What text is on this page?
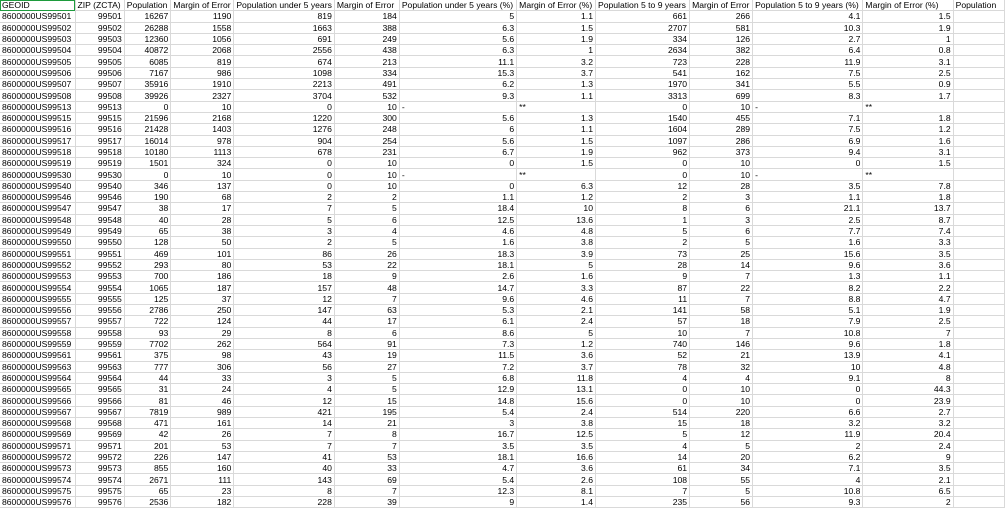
GEOID	ZIP (ZCTA)	Population	Margin of Error	Population under 5 years	Margin of Error	Population under 5 years (%)	Margin of Error (%)	Population 5 to 9 years	Margin of Error	Population 5 to 9 years (%)	Margin of Error (%)	Population
8600000US99501	99501	16267	1190	819	184	5	1.1	661	266	4.1	1.5	
8600000US99502	99502	26288	1558	1663	388	6.3	1.5	2707	581	10.3	1.9	
8600000US99503	99503	12360	1056	691	249	5.6	1.9	334	126	2.7	1	
8600000US99504	99504	40872	2068	2556	438	6.3	1	2634	382	6.4	0.8	
8600000US99505	99505	6085	819	674	213	11.1	3.2	723	228	11.9	3.1	
8600000US99506	99506	7167	986	1098	334	15.3	3.7	541	162	7.5	2.5	
8600000US99507	99507	35916	1910	2213	491	6.2	1.3	1970	341	5.5	0.9	
8600000US99508	99508	39926	2327	3704	532	9.3	1.1	3313	699	8.3	1.7	
8600000US99513	99513	0	10	0	10	-	**	0	10	-	**	
8600000US99515	99515	21596	2168	1220	300	5.6	1.3	1540	455	7.1	1.8	
8600000US99516	99516	21428	1403	1276	248	6	1.1	1604	289	7.5	1.2	
8600000US99517	99517	16014	978	904	254	5.6	1.5	1097	286	6.9	1.6	
8600000US99518	99518	10180	1113	678	231	6.7	1.9	962	373	9.4	3.1	
8600000US99519	99519	1501	324	0	10	0	1.5	0	10	0	1.5	
8600000US99530	99530	0	10	0	10	-	**	0	10	-	**	
8600000US99540	99540	346	137	0	10	0	6.3	12	28	3.5	7.8	
8600000US99546	99546	190	68	2	2	1.1	1.2	2	3	1.1	1.8	
8600000US99547	99547	38	17	7	5	18.4	10	8	6	21.1	13.7	
8600000US99548	99548	40	28	5	6	12.5	13.6	1	3	2.5	8.7	
8600000US99549	99549	65	38	3	4	4.6	4.8	5	6	7.7	7.4	
8600000US99550	99550	128	50	2	5	1.6	3.8	2	5	1.6	3.3	
8600000US99551	99551	469	101	86	26	18.3	3.9	73	25	15.6	3.5	
8600000US99552	99552	293	80	53	22	18.1	5	28	14	9.6	3.6	
8600000US99553	99553	700	186	18	9	2.6	1.6	9	7	1.3	1.1	
8600000US99554	99554	1065	187	157	48	14.7	3.3	87	22	8.2	2.2	
8600000US99555	99555	125	37	12	7	9.6	4.6	11	7	8.8	4.7	
8600000US99556	99556	2786	250	147	63	5.3	2.1	141	58	5.1	1.9	
8600000US99557	99557	722	124	44	17	6.1	2.4	57	18	7.9	2.5	
8600000US99558	99558	93	29	8	6	8.6	5	10	7	10.8	7	
8600000US99559	99559	7702	262	564	91	7.3	1.2	740	146	9.6	1.8	
8600000US99561	99561	375	98	43	19	11.5	3.6	52	21	13.9	4.1	
8600000US99563	99563	777	306	56	27	7.2	3.7	78	32	10	4.8	
8600000US99564	99564	44	33	3	5	6.8	11.8	4	4	9.1	8	
8600000US99565	99565	31	24	4	5	12.9	13.1	0	10	0	44.3	
8600000US99566	99566	81	46	12	15	14.8	15.6	0	10	0	23.9	
8600000US99567	99567	7819	989	421	195	5.4	2.4	514	220	6.6	2.7	
8600000US99568	99568	471	161	14	21	3	3.8	15	18	3.2	3.2	
8600000US99569	99569	42	26	7	8	16.7	12.5	5	12	11.9	20.4	
8600000US99571	99571	201	53	7	7	3.5	3.5	4	5	2	2.4	
8600000US99572	99572	226	147	41	53	18.1	16.6	14	20	6.2	9	
8600000US99573	99573	855	160	40	33	4.7	3.6	61	34	7.1	3.5	
8600000US99574	99574	2671	111	143	69	5.4	2.6	108	55	4	2.1	
8600000US99575	99575	65	23	8	7	12.3	8.1	7	5	10.8	6.5	
8600000US99576	99576	2536	182	228	39	9	1.4	235	56	9.3	2	
